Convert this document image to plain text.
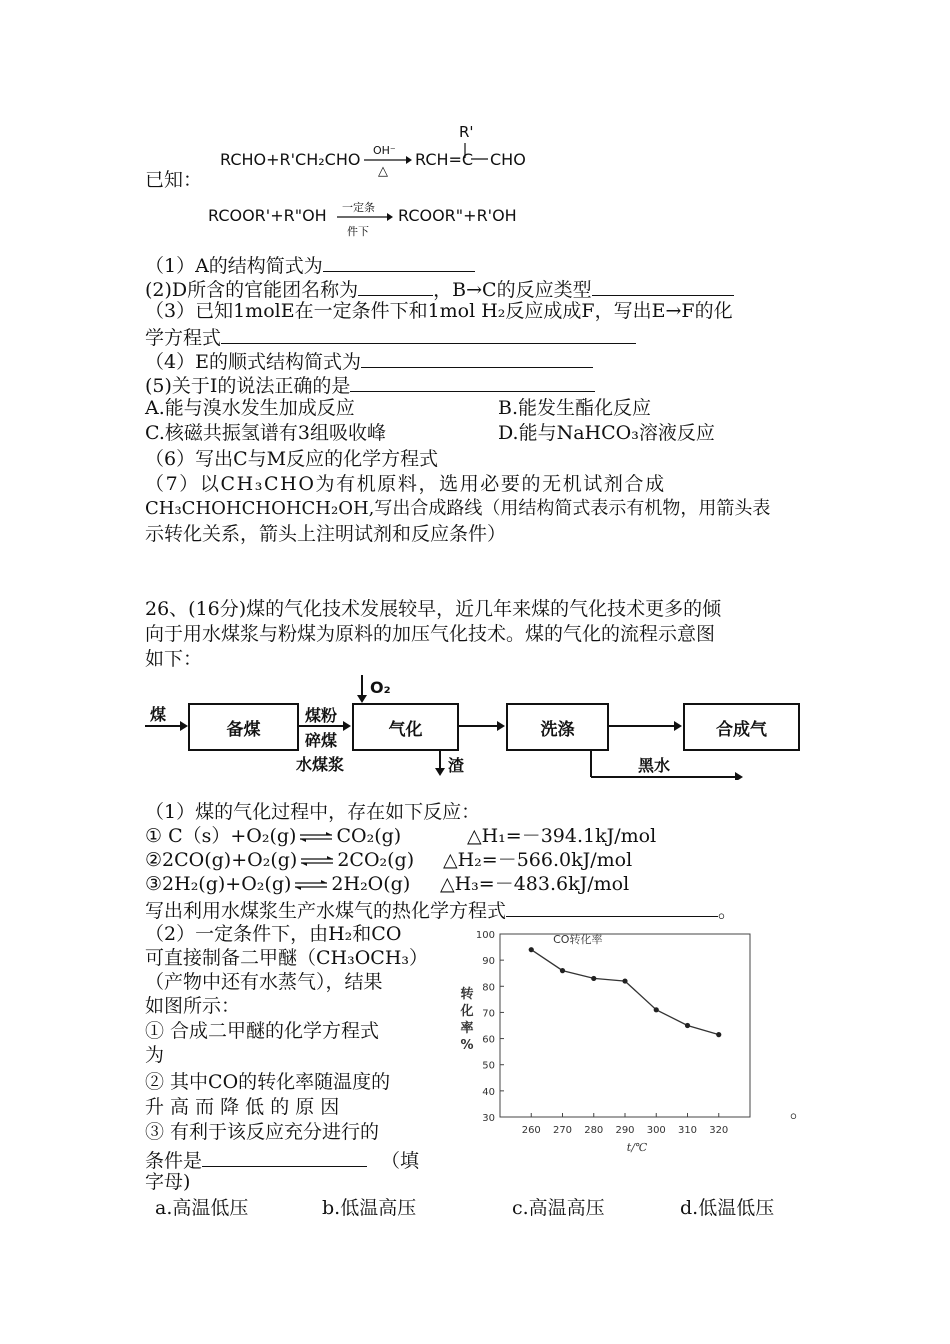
RCHO+R'CH₂CHO OH⁻
△
RCH=C CHO
R'
已知：
RCOOR'+R"OH 一定条
件下
RCOOR"+R'OH
（1）A的结构简式为
(2)D所含的官能团名称为	，B→C的反应类型
（3）已知1molE在一定条件下和1mol H₂反应成成F，写出E→F的化
学方程式
（4）E的顺式结构简式为
(5)关于I的说法正确的是
A.能与溴水发生加成反应	B.能发生酯化反应
C.核磁共振氢谱有3组吸收峰	D.能与NaHCO₃溶液反应
（6）写出C与M反应的化学方程式
（7）以CH₃CHO为有机原料，选用必要的无机试剂合成
CH₃CHOHCHOHCH₂OH,写出合成路线（用结构简式表示有机物，用箭头表
示转化关系，箭头上注明试剂和反应条件）
26、(16分)煤的气化技术发展较早，近几年来煤的气化技术更多的倾
向于用水煤浆与粉煤为原料的加压气化技术。煤的气化的流程示意图
如下：
煤
备煤
煤粉
碎煤
水煤浆
O₂
气化
渣
洗涤
黑水
合成气
（1）煤的气化过程中，存在如下反应：
① C（s）+O₂(g) ⇌ CO₂(g)	△H₁=－394.1kJ/mol
②2CO(g)+O₂(g) ⇌ 2CO₂(g) △H₂=－566.0kJ/mol
③2H₂(g)+O₂(g) ⇌ 2H₂O(g) △H₃=－483.6kJ/mol
写出利用水煤浆生产水煤气的热化学方程式	。
（2）一定条件下，由H₂和CO
可直接制备二甲醚（CH₃OCH₃）
（产物中还有水蒸气），结果
如图所示：
① 合成二甲醚的化学方程式
为
② 其中CO的转化率随温度的
升 高 而 降 低 的 原 因
③ 有利于该反应充分进行的
条件是	（填
字母)
。
a.高温低压	b.低温高压	c.高温高压	d.低温低压
30
40
50
60
70
80
90
100
260 270 280 290 300 310 320
t/℃
转
化
率
%
CO转化率
